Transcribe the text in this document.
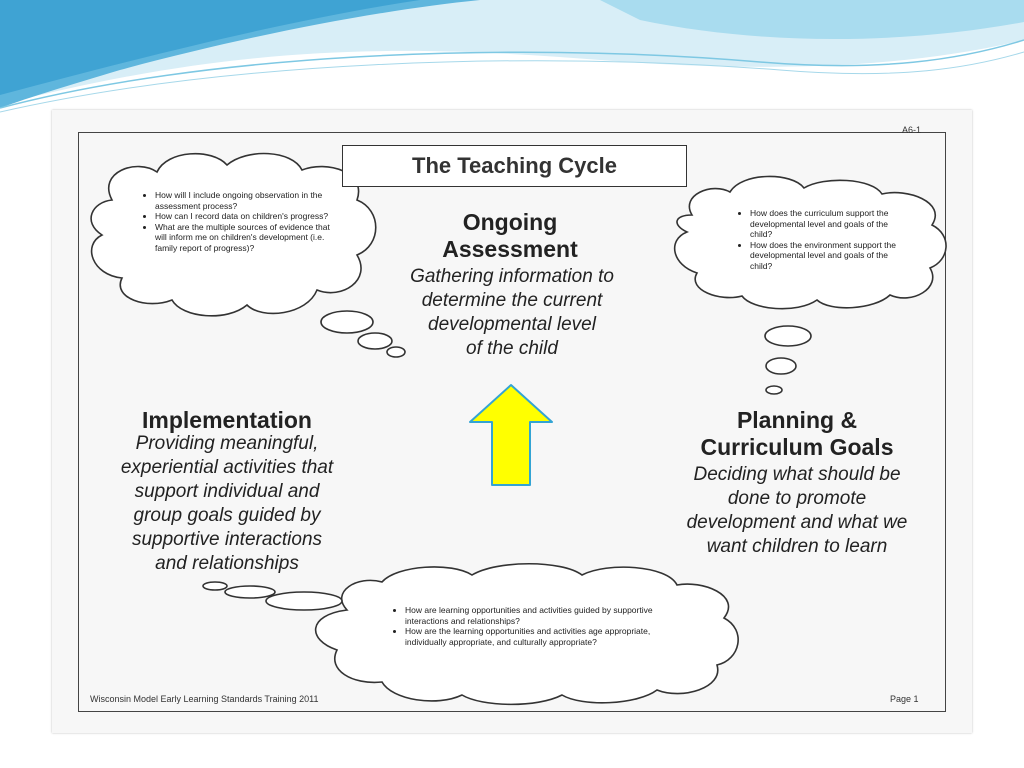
A6-1
The Teaching Cycle
Ongoing
Assessment
Gathering information to
determine the current
developmental level
of the child
Implementation
Providing meaningful,
experiential activities that
support individual and
group goals guided by
supportive interactions
and relationships
Planning &
Curriculum Goals
Deciding what should be
done to promote
development and what we
want children to learn
• How will I include ongoing observation in the assessment process?
• How can I record data on children's progress?
• What are the multiple sources of evidence that will inform me on children's development (i.e. family report of progress)?
• How does the curriculum support the developmental level and goals of the child?
• How does the environment support the developmental level and goals of the child?
• How are learning opportunities and activities guided by supportive interactions and relationships?
• How are the learning opportunities and activities age appropriate, individually appropriate, and culturally appropriate?
Wisconsin Model Early Learning Standards Training 2011	Page 1
